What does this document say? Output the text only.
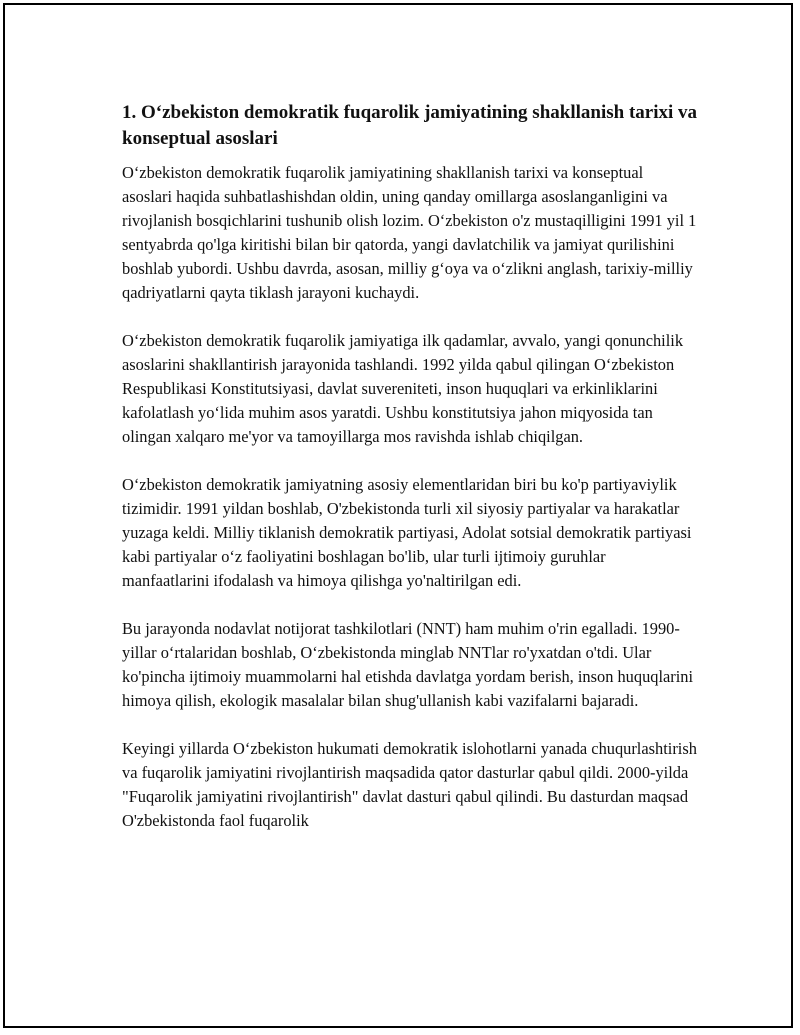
1. O‘zbekiston demokratik fuqarolik jamiyatining shakllanish tarixi va konseptual asoslari

O‘zbekiston demokratik fuqarolik jamiyatining shakllanish tarixi va konseptual asoslari haqida suhbatlashishdan oldin, uning qanday omillarga asoslanganligini va rivojlanish bosqichlarini tushunib olish lozim. O‘zbekiston o'z mustaqilligini 1991 yil 1 sentyabrda qo'lga kiritishi bilan bir qatorda, yangi davlatchilik va jamiyat qurilishini boshlab yubordi. Ushbu davrda, asosan, milliy g‘oya va o‘zlikni anglash, tarixiy-milliy qadriyatlarni qayta tiklash jarayoni kuchaydi.

O‘zbekiston demokratik fuqarolik jamiyatiga ilk qadamlar, avvalo, yangi qonunchilik asoslarini shakllantirish jarayonida tashlandi. 1992 yilda qabul qilingan O‘zbekiston Respublikasi Konstitutsiyasi, davlat suvereniteti, inson huquqlari va erkinliklarini kafolatlash yo‘lida muhim asos yaratdi. Ushbu konstitutsiya jahon miqyosida tan olingan xalqaro me'yor va tamoyillarga mos ravishda ishlab chiqilgan.

O‘zbekiston demokratik jamiyatning asosiy elementlaridan biri bu ko'p partiyaviylik tizimidir. 1991 yildan boshlab, O'zbekistonda turli xil siyosiy partiyalar va harakatlar yuzaga keldi. Milliy tiklanish demokratik partiyasi, Adolat sotsial demokratik partiyasi kabi partiyalar o‘z faoliyatini boshlagan bo'lib, ular turli ijtimoiy guruhlar manfaatlarini ifodalash va himoya qilishga yo'naltirilgan edi.

Bu jarayonda nodavlat notijorat tashkilotlari (NNT) ham muhim o'rin egalladi. 1990-yillar o‘rtalaridan boshlab, O‘zbekistonda minglab NNTlar ro'yxatdan o'tdi. Ular ko'pincha ijtimoiy muammolarni hal etishda davlatga yordam berish, inson huquqlarini himoya qilish, ekologik masalalar bilan shug'ullanish kabi vazifalarni bajaradi.

Keyingi yillarda O‘zbekiston hukumati demokratik islohotlarni yanada chuqurlashtirish va fuqarolik jamiyatini rivojlantirish maqsadida qator dasturlar qabul qildi. 2000-yilda "Fuqarolik jamiyatini rivojlantirish" davlat dasturi qabul qilindi. Bu dasturdan maqsad O'zbekistonda faol fuqarolik
